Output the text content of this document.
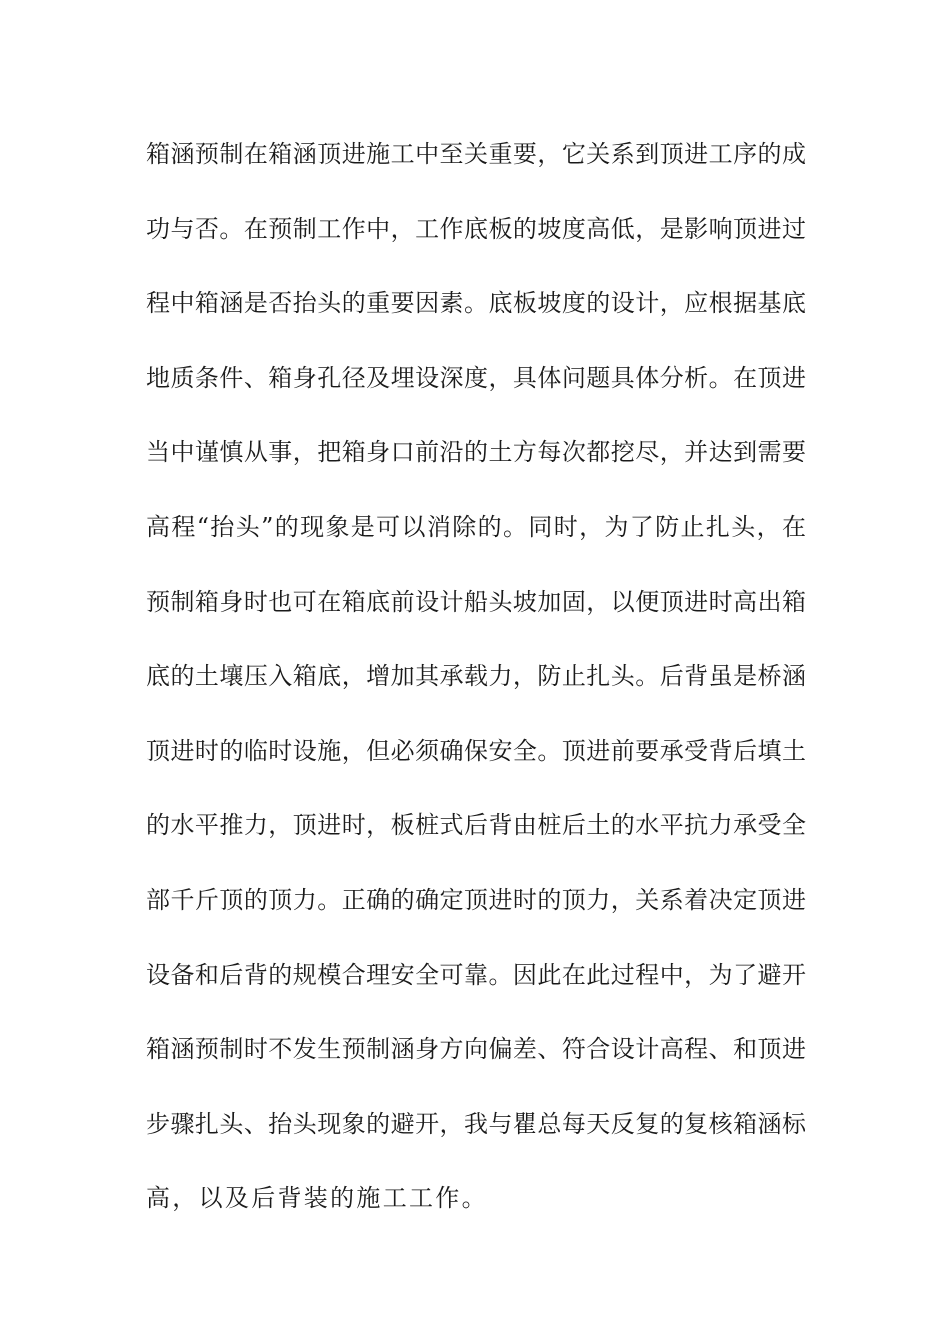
箱涵预制在箱涵顶进施工中至关重要，它关系到顶进工序的成
功与否。在预制工作中，工作底板的坡度高低，是影响顶进过
程中箱涵是否抬头的重要因素。底板坡度的设计，应根据基底
地质条件、箱身孔径及埋设深度，具体问题具体分析。在顶进
当中谨慎从事，把箱身口前沿的土方每次都挖尽，并达到需要
高程“抬头”的现象是可以消除的。同时，为了防止扎头，在
预制箱身时也可在箱底前设计船头坡加固，以便顶进时高出箱
底的土壤压入箱底，增加其承载力，防止扎头。后背虽是桥涵
顶进时的临时设施，但必须确保安全。顶进前要承受背后填土
的水平推力，顶进时，板桩式后背由桩后土的水平抗力承受全
部千斤顶的顶力。正确的确定顶进时的顶力，关系着决定顶进
设备和后背的规模合理安全可靠。因此在此过程中，为了避开
箱涵预制时不发生预制涵身方向偏差、符合设计高程、和顶进
步骤扎头、抬头现象的避开，我与瞿总每天反复的复核箱涵标
高，以及后背装的施工工作。
